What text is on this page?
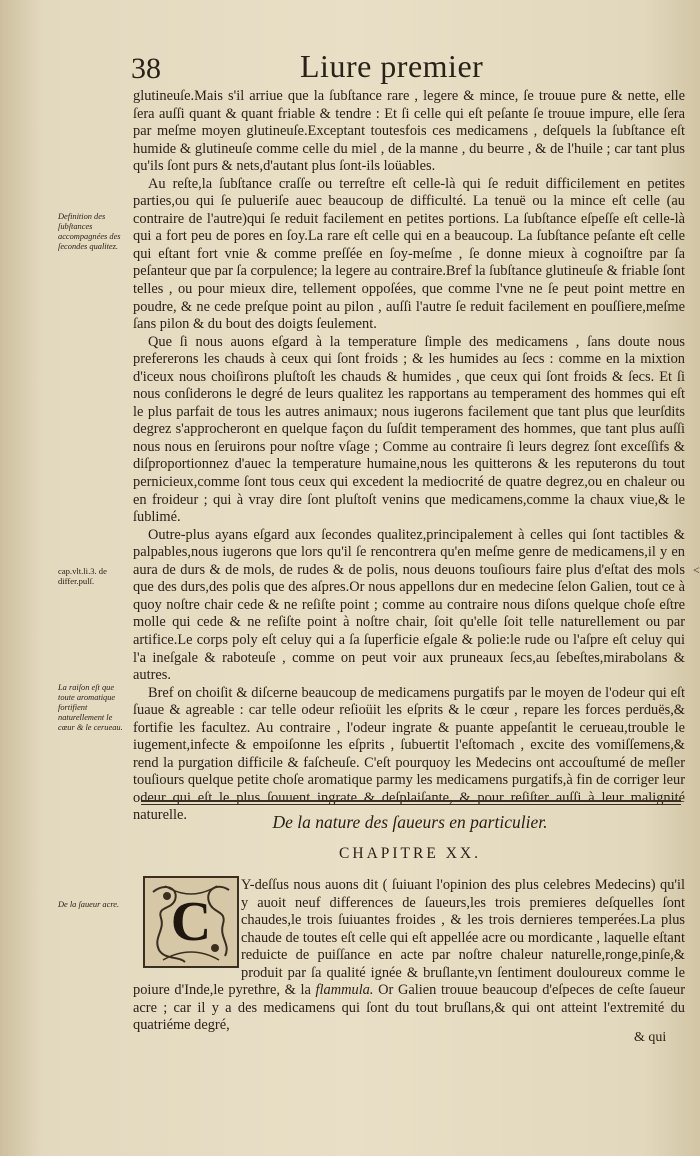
38	Liure premier

glutineuſe.Mais s'il arriue que la ſubſtance rare , legere & mince, ſe trouue pure & nette, elle ſera auſſi quant & quant friable & tendre : Et ſi celle qui eſt peſante ſe trouue impure, elle ſera par meſme moyen glutineuſe.Exceptant toutesfois ces medicamens , deſquels la ſubſtance eſt humide & glutineuſe comme celle du miel , de la manne , du beurre , & de l'huile ; car tant plus qu'ils ſont purs & nets,d'autant plus ſont-ils loüables.

Au reſte,la ſubſtance craſſe ou terreſtre eſt celle-là qui ſe reduit difficilement en petites parties,ou qui ſe pulueriſe auec beaucoup de difficulté. La tenuë ou la mince eſt celle (au contraire de l'autre)qui ſe reduit facilement en petites portions. La ſubſtance eſpeſſe eſt celle-là qui a fort peu de pores en ſoy.La rare eſt celle qui en a beaucoup. La ſubſtance peſante eſt celle qui eſtant fort vnie & comme preſſée en ſoy-meſme , ſe donne mieux à cognoiſtre par ſa peſanteur que par ſa corpulence; la legere au contraire.Bref la ſubſtance glutineuſe & friable ſont telles , ou pour mieux dire, tellement oppoſées, que comme l'vne ne ſe peut point mettre en poudre, & ne cede preſque point au pilon , auſſi l'autre ſe reduit facilement en pouſſiere,meſme ſans pilon & du bout des doigts ſeulement.

Que ſi nous auons eſgard à la temperature ſimple des medicamens , ſans doute nous prefererons les chauds à ceux qui ſont froids ; & les humides au ſecs : comme en la mixtion d'iceux nous choiſirons pluſtoſt les chauds & humides , que ceux qui ſont froids & ſecs. Et ſi nous conſiderons le degré de leurs qualitez les rapportans au temperament des hommes qui eſt le plus parfait de tous les autres animaux; nous iugerons facilement que tant plus que leurſdits degrez s'approcheront en quelque façon du ſuſdit temperament des hommes, que tant plus auſſi nous nous en ſeruirons pour noſtre vſage ; Comme au contraire ſi leurs degrez ſont exceſſifs & diſproportionnez d'auec la temperature humaine,nous les quitterons & les reputerons du tout pernicieux,comme ſont tous ceux qui excedent la mediocrité de quatre degrez,ou en chaleur ou en froideur ; qui à vray dire ſont pluſtoſt venins que medicamens,comme la chaux viue,& le ſublimé.

Outre-plus ayans eſgard aux ſecondes qualitez,principalement à celles qui ſont tactibles & palpables,nous iugerons que lors qu'il ſe rencontrera qu'en meſme genre de medicamens,il y en aura de durs & de mols, de rudes & de polis, nous deuons touſiours faire plus d'eſtat des mols que des durs,des polis que des aſpres.Or nous appellons dur en medecine ſelon Galien, tout ce à quoy noſtre chair cede & ne reſiſte point ; comme au contraire nous diſons quelque choſe eſtre molle qui cede & ne reſiſte point à noſtre chair, ſoit qu'elle ſoit telle naturellement ou par artifice.Le corps poly eſt celuy qui a ſa ſuperficie eſgale & polie:le rude ou l'aſpre eſt celuy qui l'a ineſgale & raboteuſe , comme on peut voir aux pruneaux ſecs,au ſebeſtes,mirabolans & autres.

Bref on choiſit & diſcerne beaucoup de medicamens purgatifs par le moyen de l'odeur qui eſt ſuaue & agreable : car telle odeur reſioüit les eſprits & le cœur , repare les forces perduës,& fortifie les facultez. Au contraire , l'odeur ingrate & puante appeſantit le cerueau,trouble le iugement,infecte & empoiſonne les eſprits , ſubuertit l'eſtomach , excite des vomiſſemens,& rend la purgation difficile & faſcheuſe. C'eſt pourquoy les Medecins ont accouſtumé de meſler touſiours quelque petite choſe aromatique parmy les medicamens purgatifs,à fin de corriger leur odeur qui eſt le plus ſouuent ingrate & deſplaiſante, & pour reſiſter auſſi à leur malignité naturelle.

Definition des ſubſtances accompagnées des ſecondes qualitez.
cap.vlt.li.3. de differ.pulſ.
La raiſon eſt que toute aromatique fortifient naturellement le cœur & le cerueau.
<
De la nature des ſaueurs en particulier.
CHAPITRE XX.
De la ſaueur acre.

Y-deſſus nous auons dit ( ſuiuant l'opinion des plus celebres Medecins) qu'il y auoit neuf differences de ſaueurs,les trois premieres deſquelles ſont chaudes,le trois ſuiuantes froides , & les trois dernieres temperées.La plus chaude de toutes eſt celle qui eſt appellée acre ou mordicante , laquelle eſtant reduicte de puiſſance en acte par noſtre chaleur naturelle,ronge,pinſe,& produit par ſa qualité ignée & bruſlante,vn ſentiment douloureux comme le poiure d'Inde,le pyrethre, & la flammula. Or Galien trouue beaucoup d'eſpeces de ceſte ſaueur acre ; car il y a des medicamens qui ſont du tout bruſlans,& qui ont atteint l'extremité du quatriéme degré,

C
& qui
